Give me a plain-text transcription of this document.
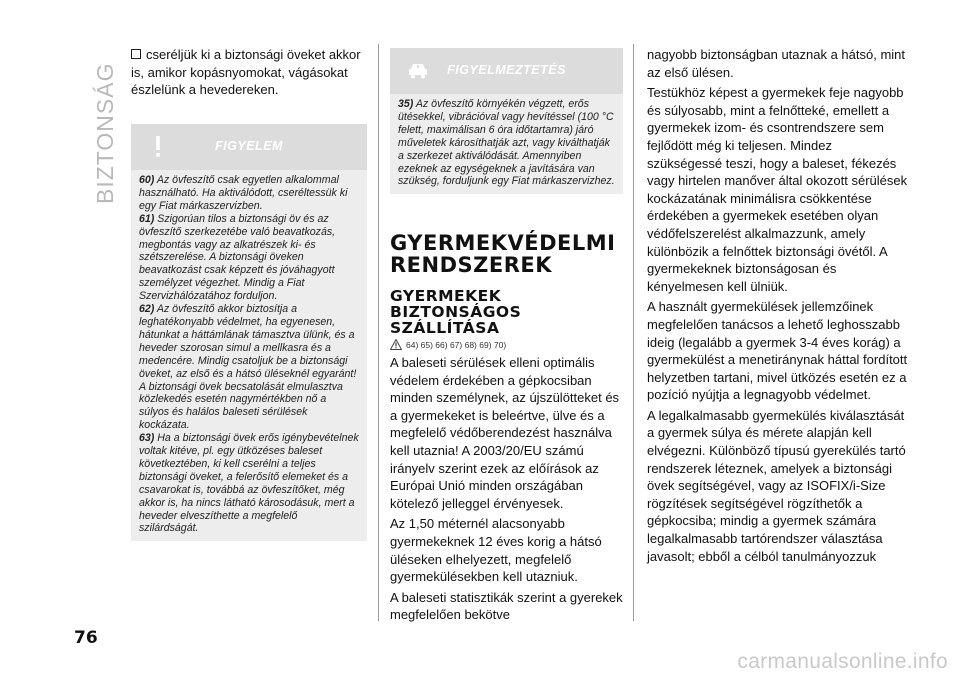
BIZTONSÁG

cseréljük ki a biztonsági öveket akkor is, amikor kopásnyomokat, vágásokat észlelünk a hevedereken.

FIGYELEM

60) Az övfeszítő csak egyetlen alkalommal használható. Ha aktiválódott, cseréltessük ki egy Fiat márkaszervizben.

61) Szigorúan tilos a biztonsági öv és az övfeszítő szerkezetébe való beavatkozás, megbontás vagy az alkatrészek ki- és szétszerelése. A biztonsági öveken beavatkozást csak képzett és jóváhagyott személyzet végezhet. Mindig a Fiat Szervizhálózatához forduljon.

62) Az övfeszítő akkor biztosítja a leghatékonyabb védelmet, ha egyenesen, hátunkat a háttámlának támasztva ülünk, és a heveder szorosan simul a mellkasra és a medencére. Mindig csatoljuk be a biztonsági öveket, az első és a hátsó üléseknél egyaránt! A biztonsági övek becsatolását elmulasztva közlekedés esetén nagymértékben nő a súlyos és halálos baleseti sérülések kockázata.

63) Ha a biztonsági övek erős igénybevételnek voltak kitéve, pl. egy ütközéses baleset következtében, ki kell cserélni a teljes biztonsági öveket, a felerősítő elemeket és a csavarokat is, továbbá az övfeszítőket, még akkor is, ha nincs látható károsodásuk, mert a heveder elveszíthette a megfelelő szilárdságát.

FIGYELMEZTETÉS

35) Az övfeszítő környékén végzett, erős ütésekkel, vibrációval vagy hevítéssel (100 °C felett, maximálisan 6 óra időtartamra) járó műveletek károsíthatják azt, vagy kiválthatják a szerkezet aktiválódását. Amennyiben ezeknek az egységeknek a javítására van szükség, forduljunk egy Fiat márkaszervizhez.

GYERMEKVÉDELMI
RENDSZEREK
GYERMEKEK
BIZTONSÁGOS
SZÁLLÍTÁSA
64) 65) 66) 67) 68) 69) 70)

A baleseti sérülések elleni optimális védelem érdekében a gépkocsiban minden személynek, az újszülötteket és a gyermekeket is beleértve, ülve és a megfelelő védőberendezést használva kell utaznia! A 2003/20/EU számú irányelv szerint ezek az előírások az Európai Unió minden országában kötelező jelleggel érvényesek.

Az 1,50 méternél alacsonyabb gyermekeknek 12 éves korig a hátsó üléseken elhelyezett, megfelelő gyermekülésekben kell utazniuk.

A baleseti statisztikák szerint a gyerekek megfelelően bekötve

nagyobb biztonságban utaznak a hátsó, mint az első ülésen.

Testükhöz képest a gyermekek feje nagyobb és súlyosabb, mint a felnőtteké, emellett a gyermekek izom- és csontrendszere sem fejlődött még ki teljesen. Mindez szükségessé teszi, hogy a baleset, fékezés vagy hirtelen manőver által okozott sérülések kockázatának minimálisra csökkentése érdekében a gyermekek esetében olyan védőfelszerelést alkalmazzunk, amely különbözik a felnőttek biztonsági övétől. A gyermekeknek biztonságosan és kényelmesen kell ülniük.

A használt gyermekülések jellemzőinek megfelelően tanácsos a lehető leghosszabb ideig (legalább a gyermek 3-4 éves korág) a gyermekülést a menetiránynak háttal fordított helyzetben tartani, mivel ütközés esetén ez a pozíció nyújtja a legnagyobb védelmet.

A legalkalmasabb gyermekülés kiválasztását a gyermek súlya és mérete alapján kell elvégezni. Különböző típusú gyerekülés tartó rendszerek léteznek, amelyek a biztonsági övek segítségével, vagy az ISOFIX/i-Size rögzítések segítségével rögzíthetők a gépkocsiba; mindig a gyermek számára legalkalmasabb tartórendszer választása javasolt; ebből a célból tanulmányozzuk

76
carmanualsonline.info
